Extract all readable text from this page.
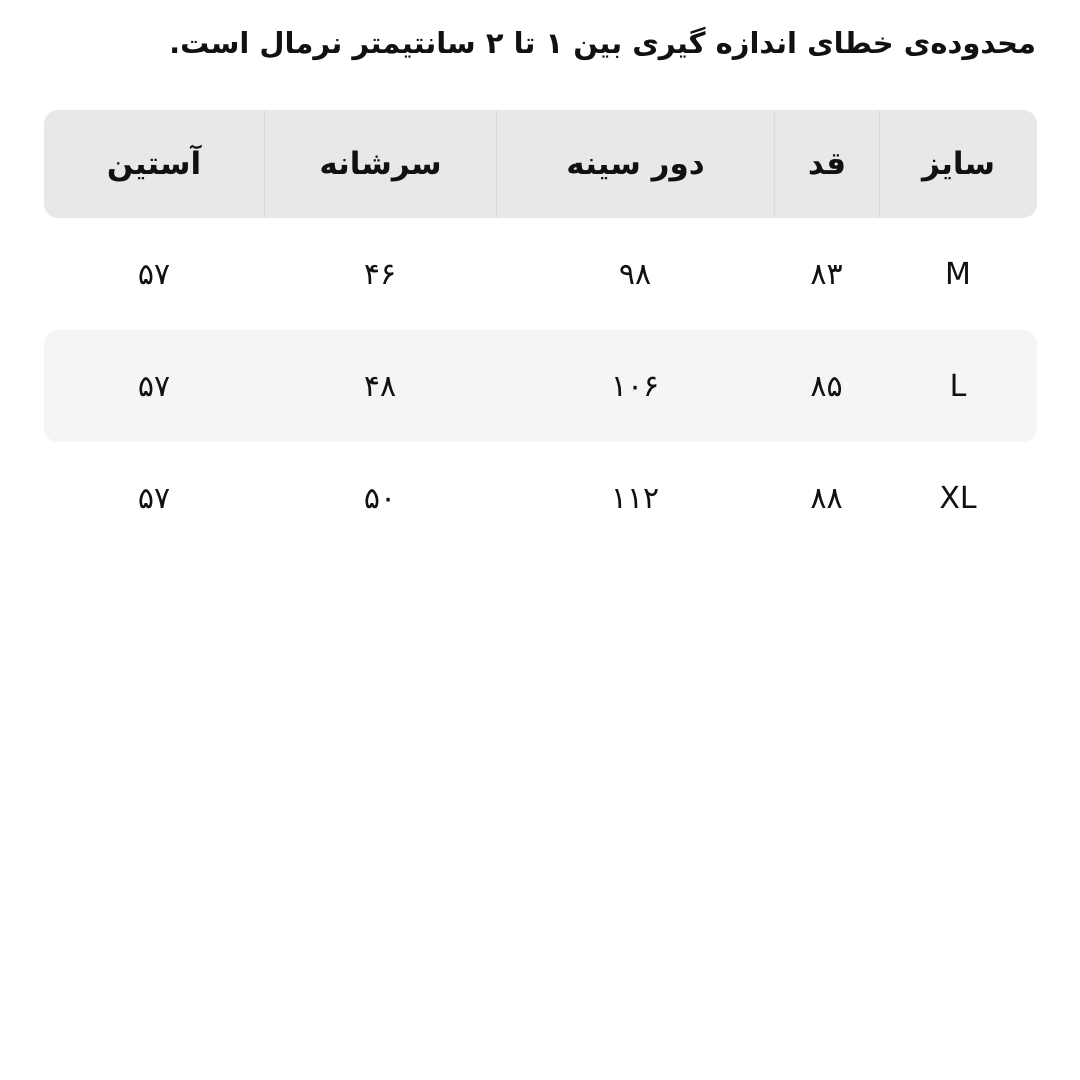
محدوده‌ی خطای اندازه گیری بین ۱ تا ۲ سانتیمتر نرمال است.
آستین	سرشانه	دور سینه	قد	سایز
۵۷	۴۶	۹۸	۸۳	M
۵۷	۴۸	۱۰۶	۸۵	L
۵۷	۵۰	۱۱۲	۸۸	XL
